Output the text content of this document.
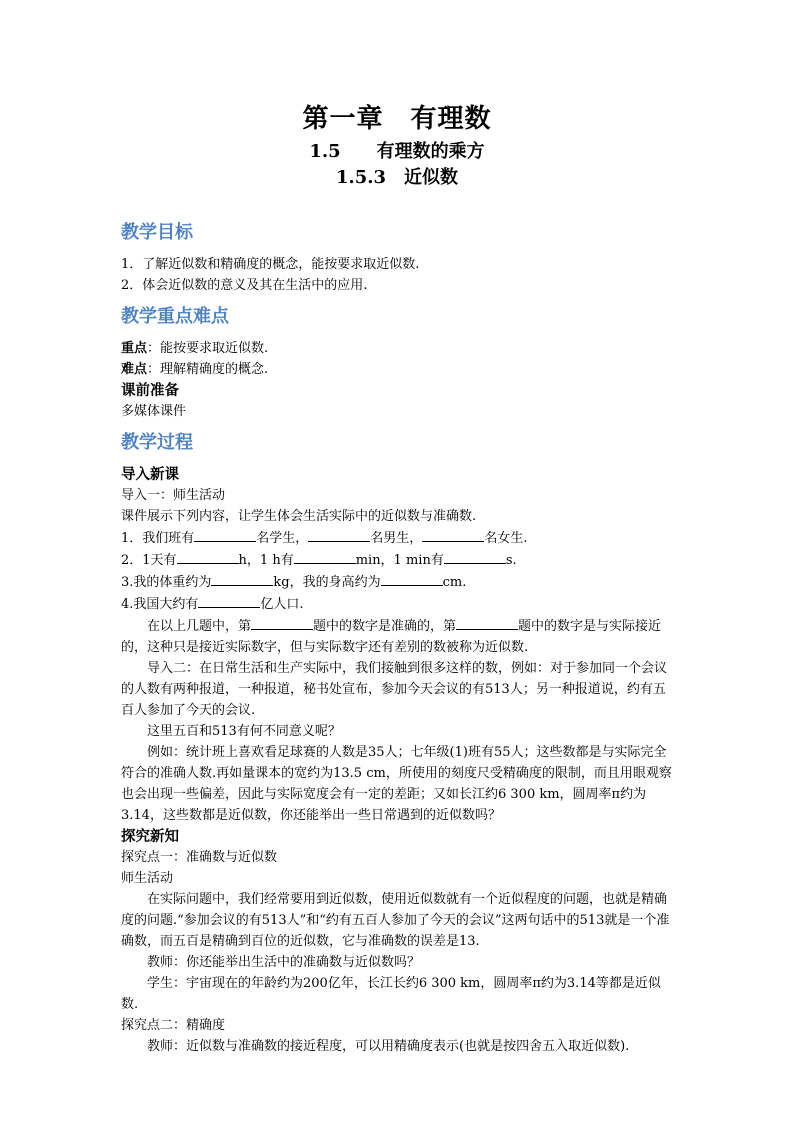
第一章　有理数
1.5　　有理数的乘方
1.5.3　近似数

教学目标

1．了解近似数和精确度的概念，能按要求取近似数.

2．体会近似数的意义及其在生活中的应用.

教学重点难点

重点：能按要求取近似数.

难点：理解精确度的概念.

课前准备

多媒体课件

教学过程

导入新课

导入一：师生活动

课件展示下列内容，让学生体会生活实际中的近似数与准确数.

1．我们班有	名学生，	名男生，	名女生.

2．1天有	h，1 h有	min，1 min有	s.

3.我的体重约为	kg，我的身高约为	cm.

4.我国大约有	亿人口.

在以上几题中，第	题中的数字是准确的，第	题中的数字是与实际接近的，这种只是接近实际数字，但与实际数字还有差别的数被称为近似数.

导入二：在日常生活和生产实际中，我们接触到很多这样的数，例如：对于参加同一个会议的人数有两种报道，一种报道，秘书处宣布，参加今天会议的有513人；另一种报道说，约有五百人参加了今天的会议.

这里五百和513有何不同意义呢？

例如：统计班上喜欢看足球赛的人数是35人；七年级(1)班有55人；这些数都是与实际完全符合的准确人数.再如量课本的宽约为13.5 cm，所使用的刻度尺受精确度的限制，而且用眼观察也会出现一些偏差，因此与实际宽度会有一定的差距；又如长江约6 300 km，圆周率π约为3.14，这些数都是近似数，你还能举出一些日常遇到的近似数吗？

探究新知

探究点一：准确数与近似数

师生活动

在实际问题中，我们经常要用到近似数，使用近似数就有一个近似程度的问题，也就是精确度的问题.“参加会议的有513人”和“约有五百人参加了今天的会议”这两句话中的513就是一个准确数，而五百是精确到百位的近似数，它与准确数的误差是13.

教师：你还能举出生活中的准确数与近似数吗？

学生：宇宙现在的年龄约为200亿年，长江长约6 300 km，圆周率π约为3.14等都是近似数.

探究点二：精确度

教师：近似数与准确数的接近程度，可以用精确度表示(也就是按四舍五入取近似数).
